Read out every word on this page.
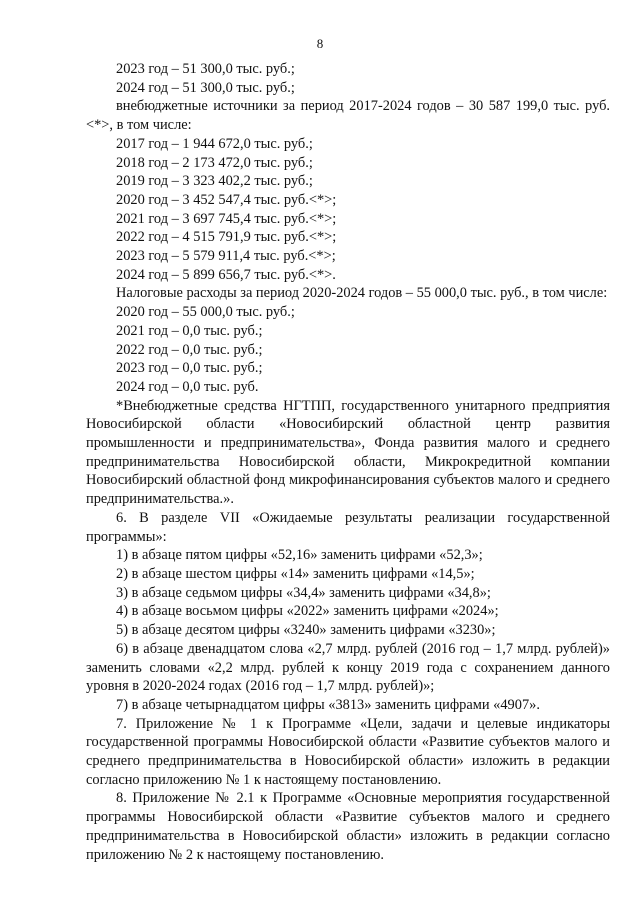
8

2023 год – 51 300,0 тыс. руб.;

2024 год – 51 300,0 тыс. руб.;

внебюджетные источники за период 2017-2024 годов – 30 587 199,0 тыс. руб. <*>, в том числе:

2017 год – 1 944 672,0 тыс. руб.;

2018 год – 2 173 472,0 тыс. руб.;

2019 год – 3 323 402,2 тыс. руб.;

2020 год – 3 452 547,4 тыс. руб.<*>;

2021 год – 3 697 745,4 тыс. руб.<*>;

2022 год – 4 515 791,9 тыс. руб.<*>;

2023 год – 5 579 911,4 тыс. руб.<*>;

2024 год – 5 899 656,7 тыс. руб.<*>.

Налоговые расходы за период 2020-2024 годов – 55 000,0 тыс. руб., в том числе:

2020 год – 55 000,0 тыс. руб.;

2021 год – 0,0 тыс. руб.;

2022 год – 0,0 тыс. руб.;

2023 год – 0,0 тыс. руб.;

2024 год – 0,0 тыс. руб.

*Внебюджетные средства НГТПП, государственного унитарного предприятия Новосибирской области «Новосибирский областной центр развития промышленности и предпринимательства», Фонда развития малого и среднего предпринимательства Новосибирской области, Микрокредитной компании Новосибирский областной фонд микрофинансирования субъектов малого и среднего предпринимательства.».

6. В разделе VII «Ожидаемые результаты реализации государственной программы»:

1) в абзаце пятом цифры «52,16» заменить цифрами «52,3»;

2) в абзаце шестом цифры «14» заменить цифрами «14,5»;

3) в абзаце седьмом цифры «34,4» заменить цифрами «34,8»;

4) в абзаце восьмом цифры «2022» заменить цифрами «2024»;

5) в абзаце десятом цифры «3240» заменить цифрами «3230»;

6) в абзаце двенадцатом слова «2,7 млрд. рублей (2016 год – 1,7 млрд. рублей)» заменить словами «2,2 млрд. рублей к концу 2019 года с сохранением данного уровня в 2020-2024 годах (2016 год – 1,7 млрд. рублей)»;

7) в абзаце четырнадцатом цифры «3813» заменить цифрами «4907».

7. Приложение № 1 к Программе «Цели, задачи и целевые индикаторы государственной программы Новосибирской области «Развитие субъектов малого и среднего предпринимательства в Новосибирской области» изложить в редакции согласно приложению № 1 к настоящему постановлению.

8. Приложение № 2.1 к Программе «Основные мероприятия государственной программы Новосибирской области «Развитие субъектов малого и среднего предпринимательства в Новосибирской области» изложить в редакции согласно приложению № 2 к настоящему постановлению.
